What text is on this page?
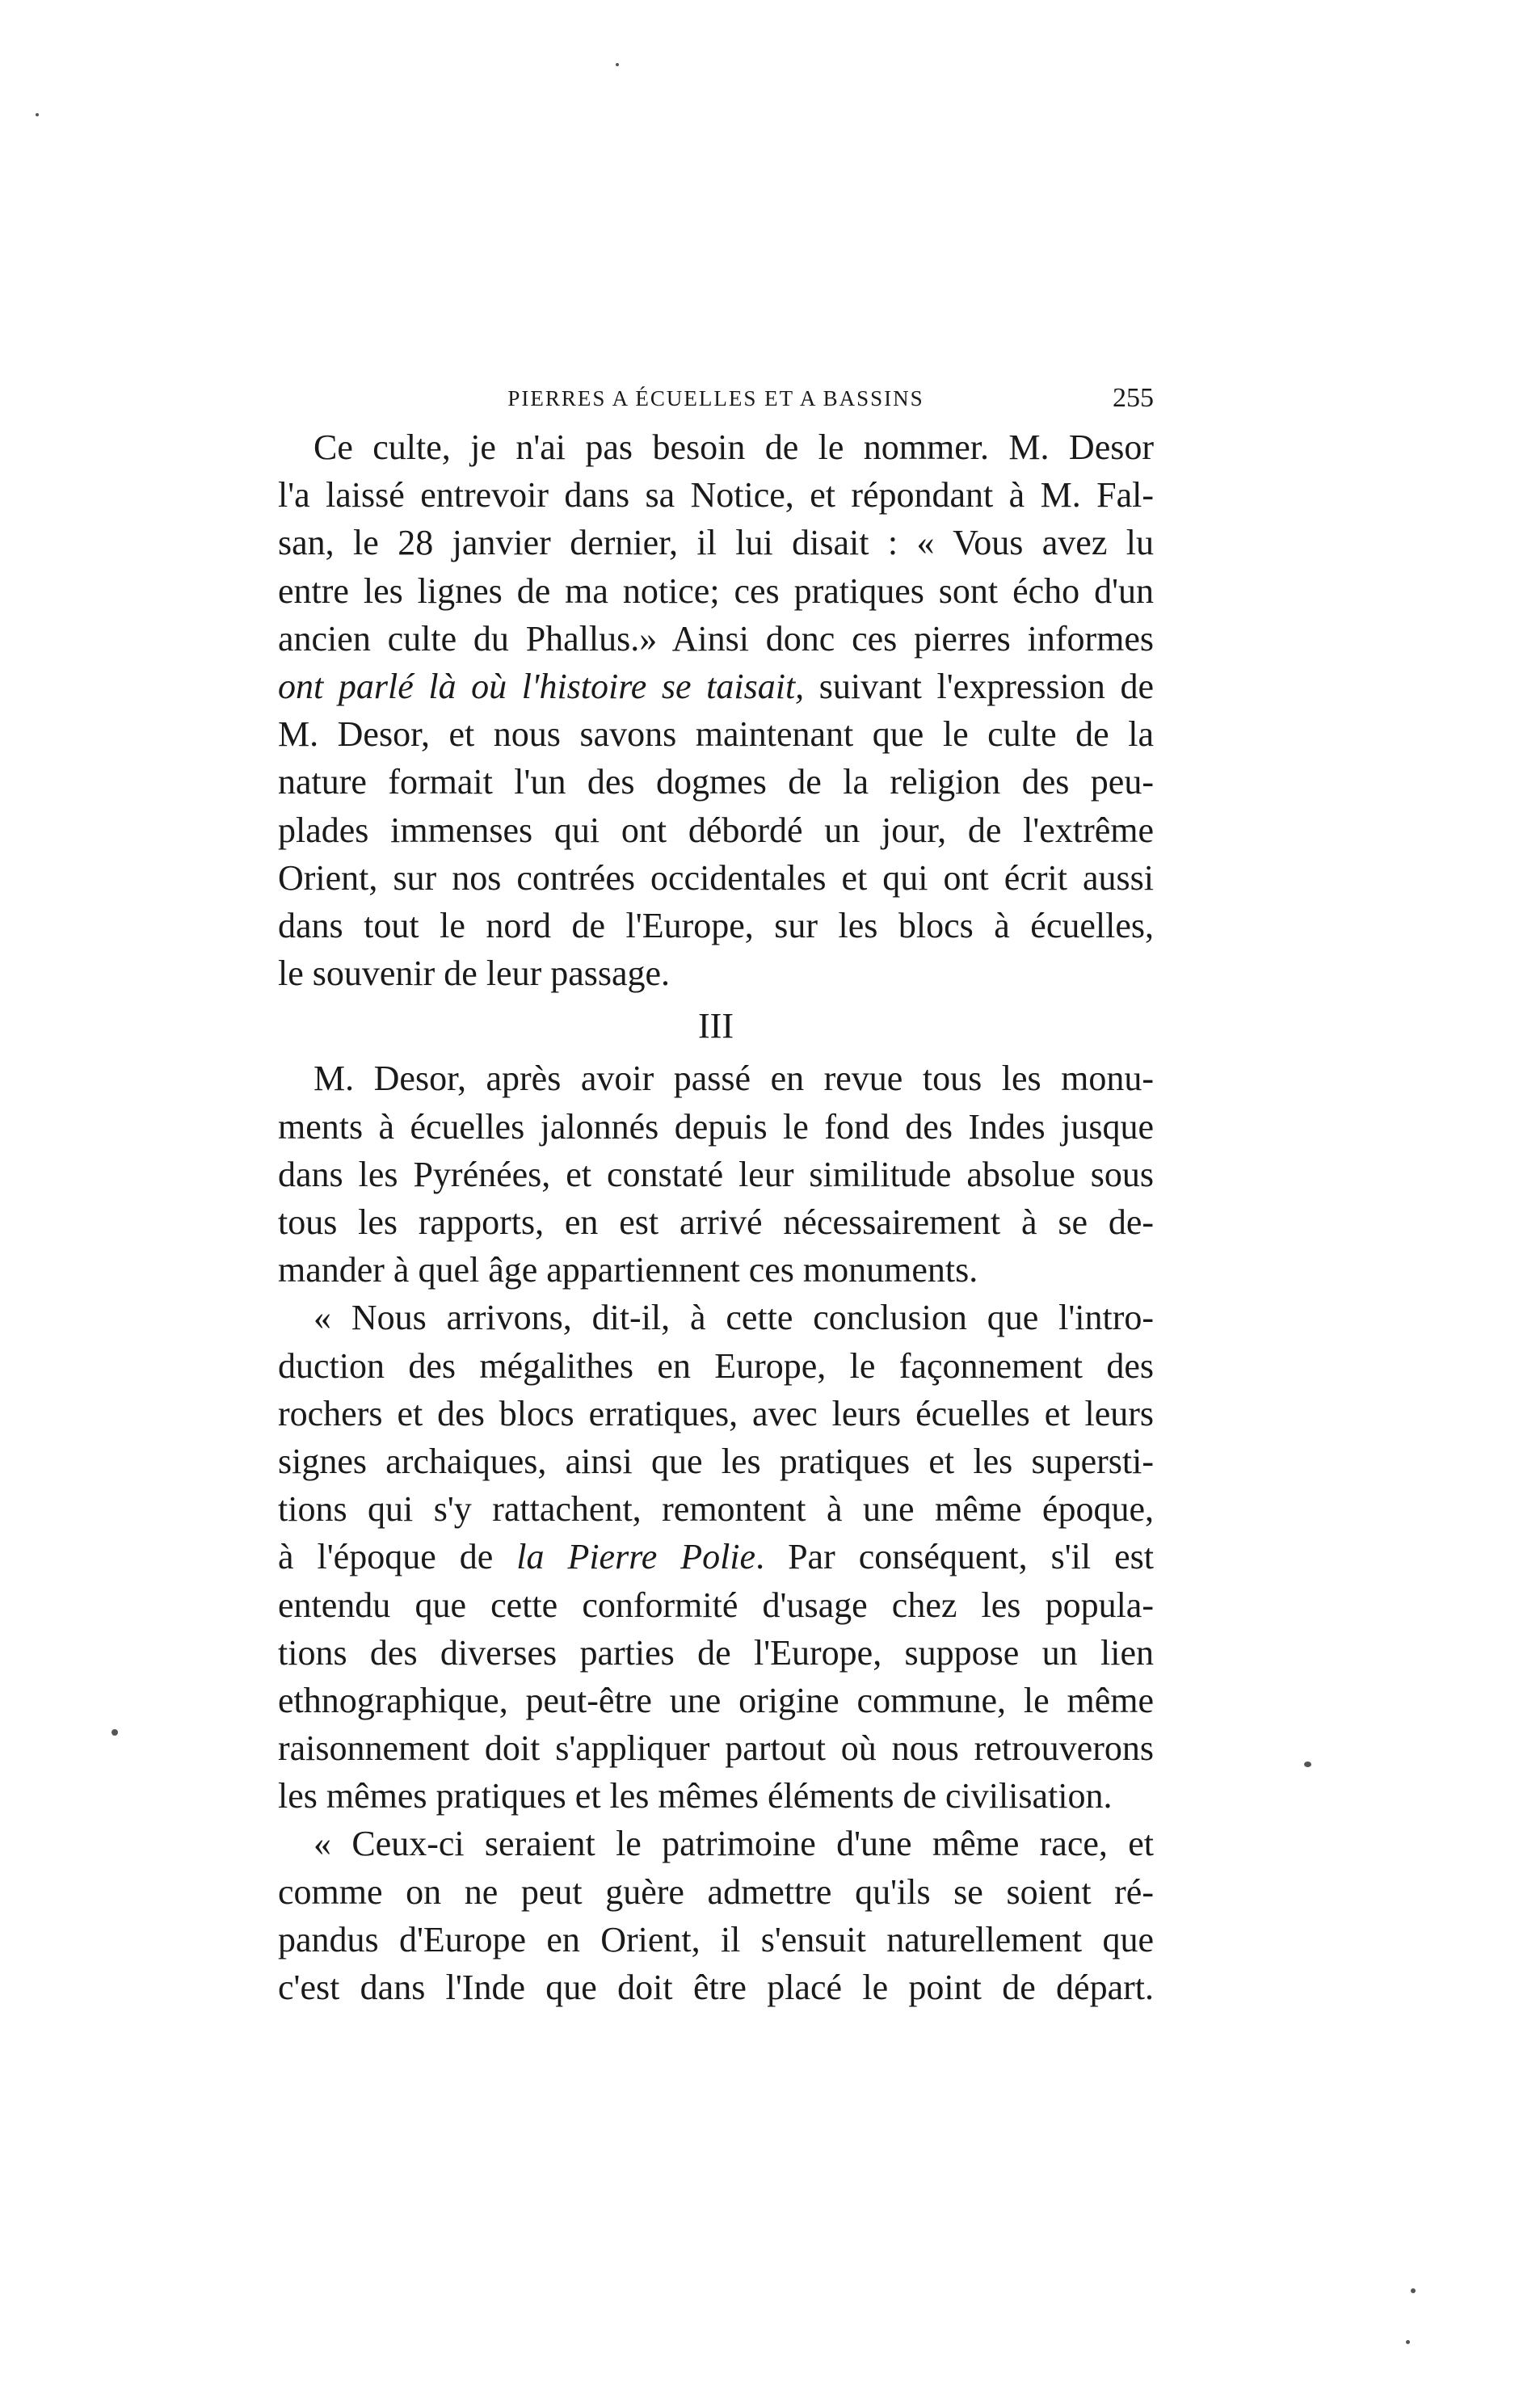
PIERRES A ÉCUELLES ET A BASSINS	255
Ce culte, je n'ai pas besoin de le nommer. M. Desor
l'a laissé entrevoir dans sa Notice, et répondant à M. Fal-
san, le 28 janvier dernier, il lui disait : « Vous avez lu
entre les lignes de ma notice; ces pratiques sont écho d'un
ancien culte du Phallus.» Ainsi donc ces pierres informes
ont parlé là où l'histoire se taisait, suivant l'expression de
M. Desor, et nous savons maintenant que le culte de la
nature formait l'un des dogmes de la religion des peu-
plades immenses qui ont débordé un jour, de l'extrême
Orient, sur nos contrées occidentales et qui ont écrit aussi
dans tout le nord de l'Europe, sur les blocs à écuelles,
le souvenir de leur passage.
III
M. Desor, après avoir passé en revue tous les monu-
ments à écuelles jalonnés depuis le fond des Indes jusque
dans les Pyrénées, et constaté leur similitude absolue sous
tous les rapports, en est arrivé nécessairement à se de-
mander à quel âge appartiennent ces monuments.
« Nous arrivons, dit-il, à cette conclusion que l'intro-
duction des mégalithes en Europe, le façonnement des
rochers et des blocs erratiques, avec leurs écuelles et leurs
signes archaiques, ainsi que les pratiques et les supersti-
tions qui s'y rattachent, remontent à une même époque,
à l'époque de la Pierre Polie. Par conséquent, s'il est
entendu que cette conformité d'usage chez les popula-
tions des diverses parties de l'Europe, suppose un lien
ethnographique, peut-être une origine commune, le même
raisonnement doit s'appliquer partout où nous retrouverons
les mêmes pratiques et les mêmes éléments de civilisation.
« Ceux-ci seraient le patrimoine d'une même race, et
comme on ne peut guère admettre qu'ils se soient ré-
pandus d'Europe en Orient, il s'ensuit naturellement que
c'est dans l'Inde que doit être placé le point de départ.
